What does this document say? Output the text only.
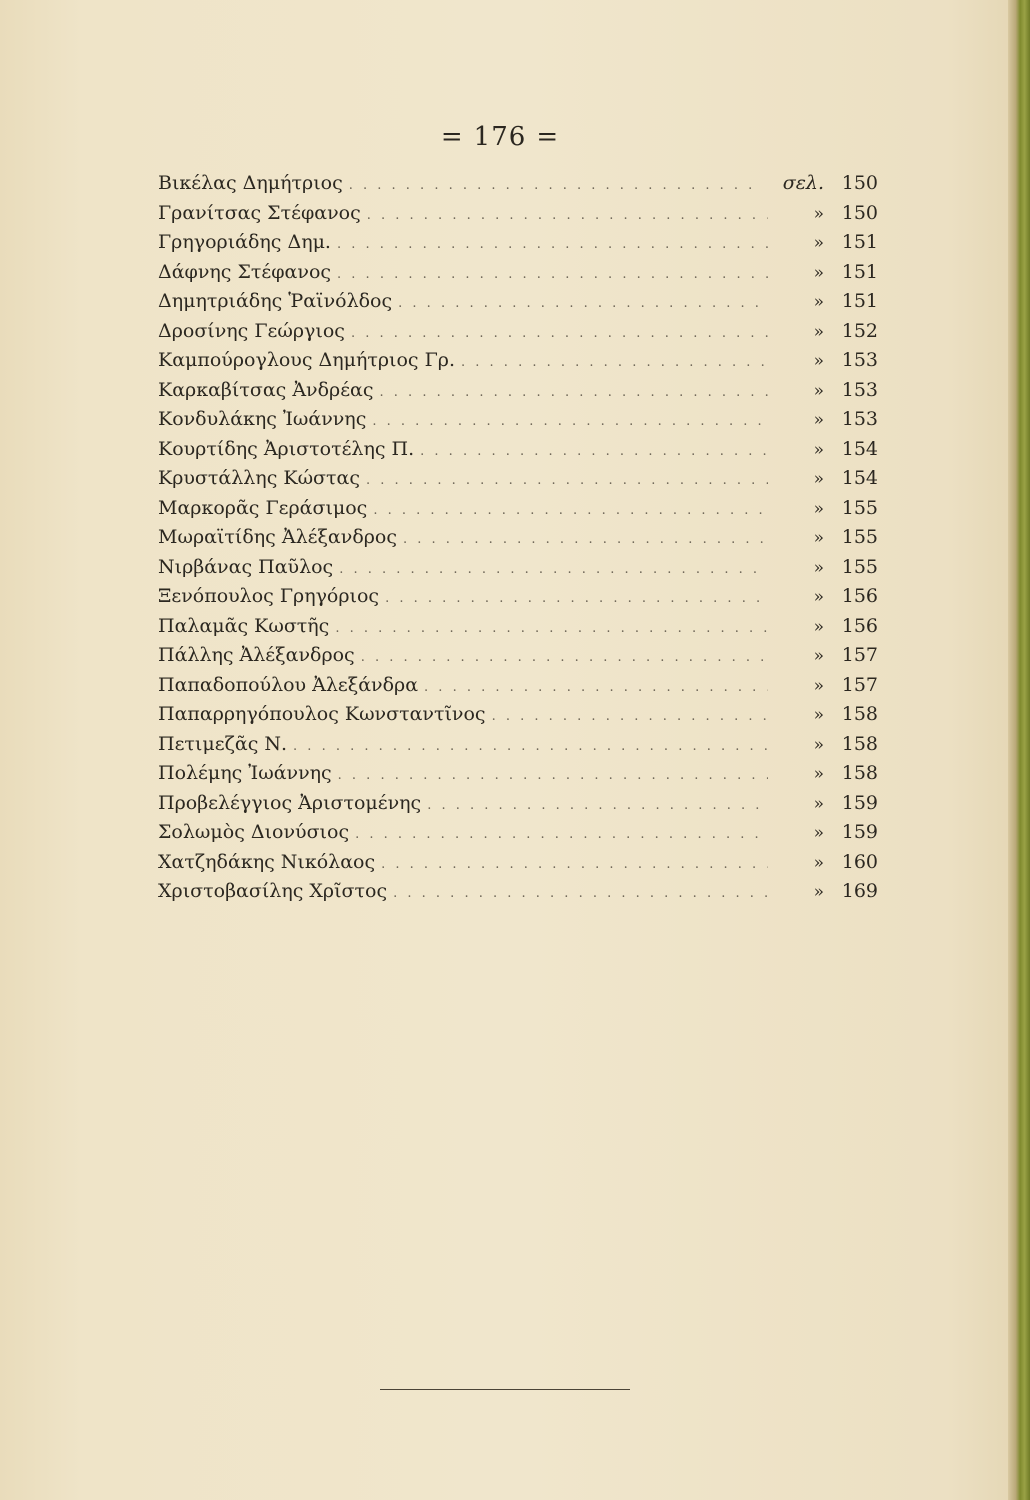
= 176 =
Βικέλας Δημήτριος . . .	σελ. 150
Γρανίτσας Στέφανος . . .	» 150
Γρηγοριάδης Δημ. . . .	» 151
Δάφνης Στέφανος . . .	» 151
Δημητριάδης Ῥαϊνόλδος . . .	» 151
Δροσίνης Γεώργιος . . .	» 152
Καμπούρογλους Δημήτριος Γρ. . . .	» 153
Καρκαβίτσας Ἀνδρέας . . .	» 153
Κονδυλάκης Ἰωάννης . . .	» 153
Κουρτίδης Ἀριστοτέλης Π. . . .	» 154
Κρυστάλλης Κώστας . . .	» 154
Μαρκορᾶς Γεράσιμος . . .	» 155
Μωραϊτίδης Ἀλέξανδρος . . .	» 155
Νιρβάνας Παῦλος . . .	» 155
Ξενόπουλος Γρηγόριος . . .	» 156
Παλαμᾶς Κωστῆς . . .	» 156
Πάλλης Ἀλέξανδρος . . .	» 157
Παπαδοπούλου Ἀλεξάνδρα . . .	» 157
Παπαρρηγόπουλος Κωνσταντῖνος . . .	» 158
Πετιμεζᾶς Ν. . . .	» 158
Πολέμης Ἰωάννης . . .	» 158
Προβελέγγιος Ἀριστομένης . . .	» 159
Σολωμὸς Διονύσιος . . .	» 159
Χατζηδάκης Νικόλαος . . .	» 160
Χριστοβασίλης Χρῖστος . . .	» 169
